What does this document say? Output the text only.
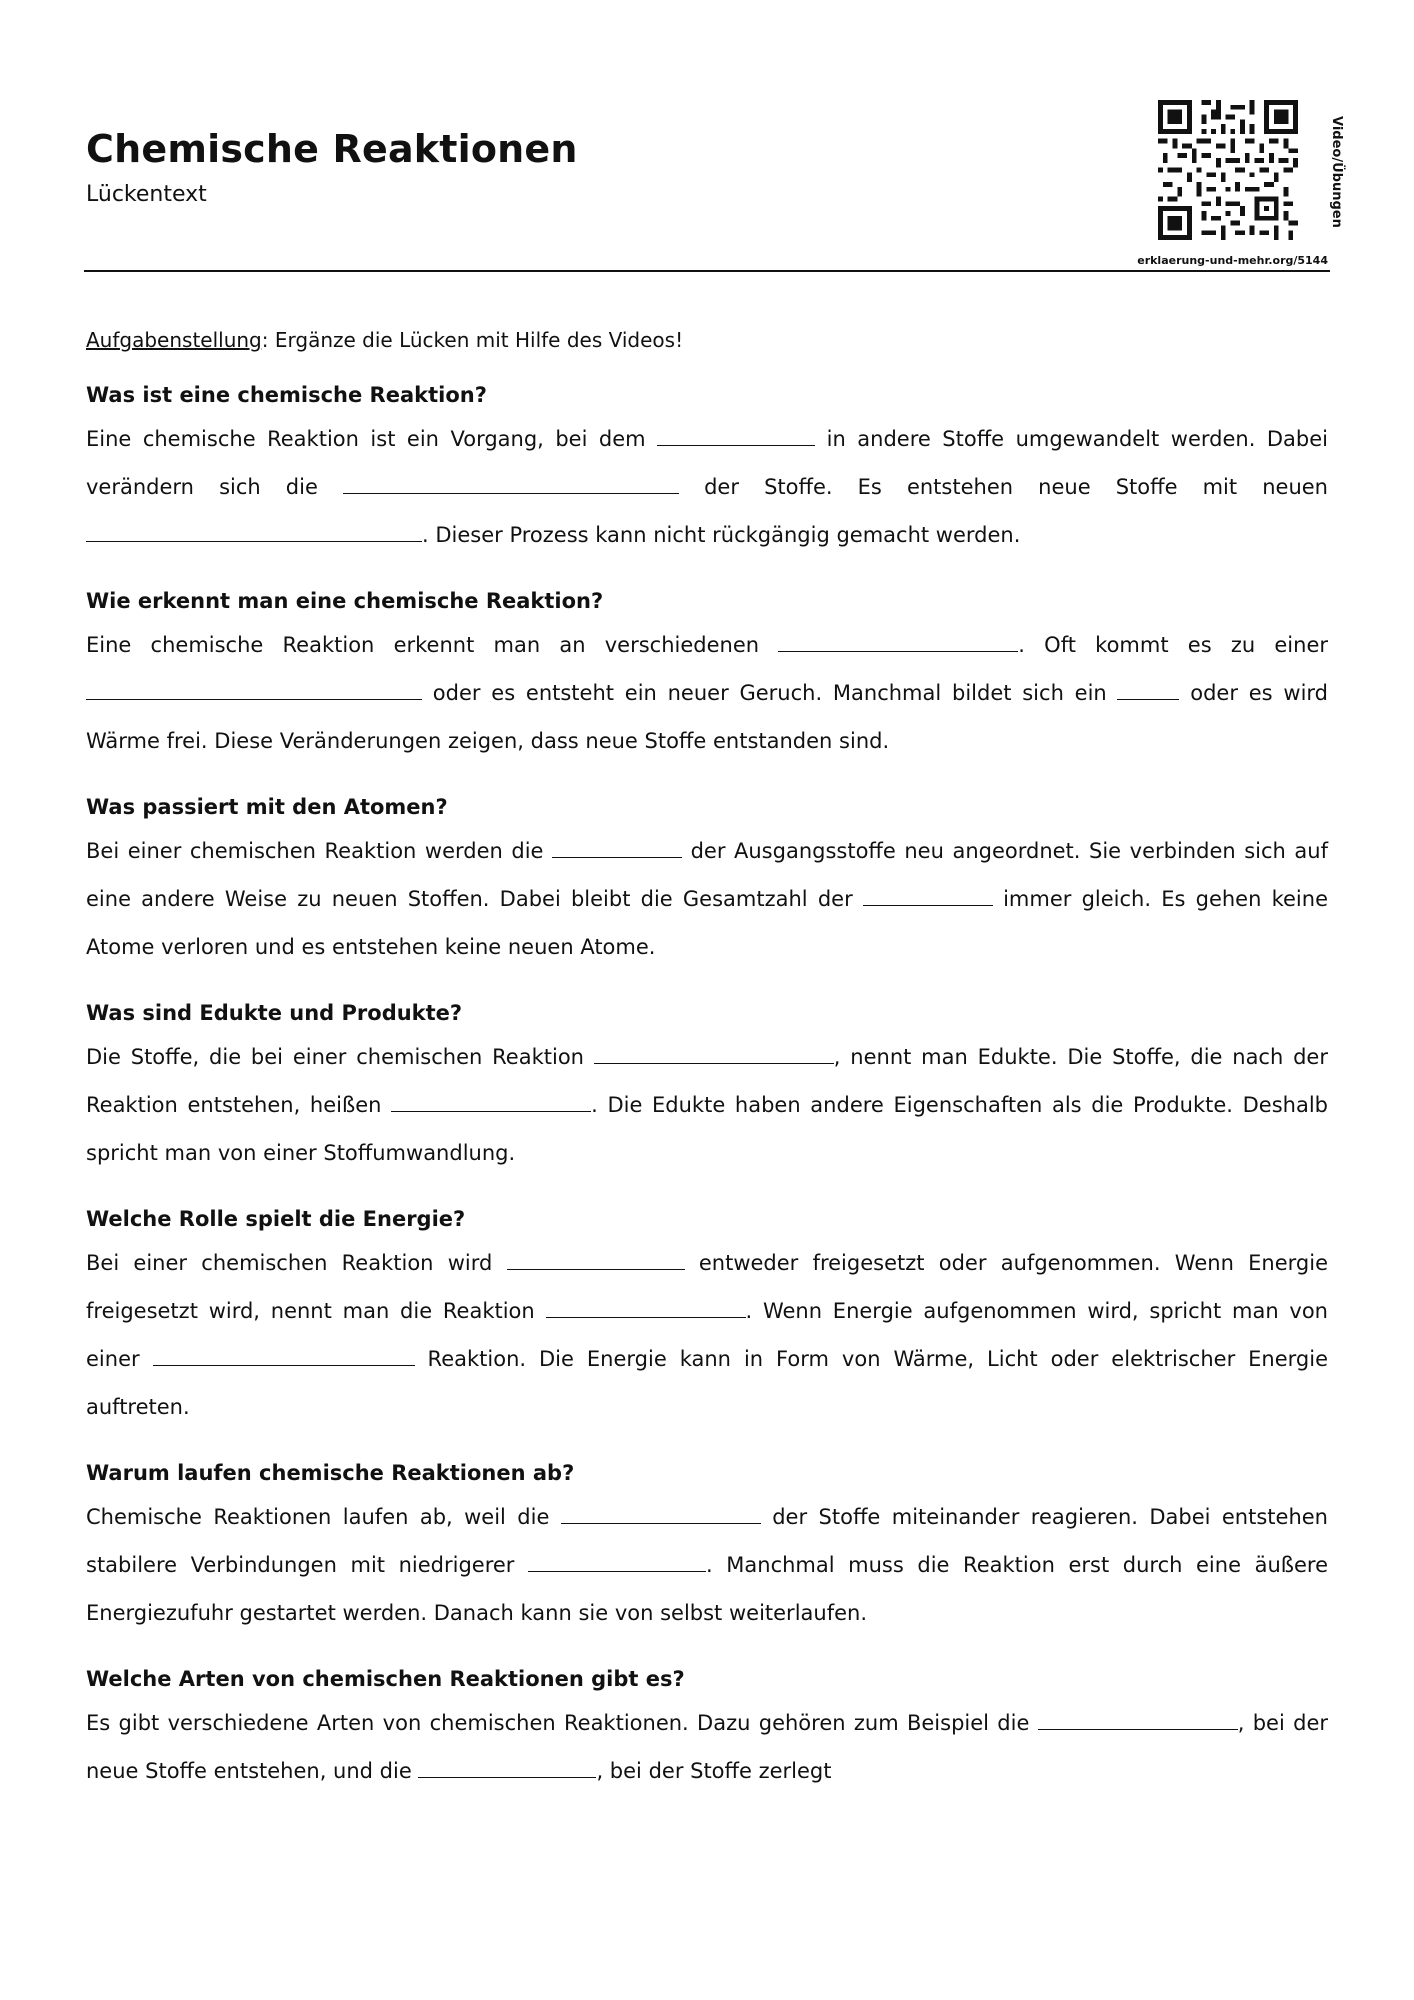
Chemische Reaktionen
Lückentext	Video/Übungen
erklaerung-und-mehr.org/5144

Aufgabenstellung: Ergänze die Lücken mit Hilfe des Videos!

Was ist eine chemische Reaktion?

Eine chemische Reaktion ist ein Vorgang, bei dem	in andere Stoffe umgewandelt werden. Dabei verändern sich die	der Stoffe. Es entstehen neue Stoffe mit neuen . Dieser Prozess kann nicht rückgängig gemacht werden.

Wie erkennt man eine chemische Reaktion?

Eine chemische Reaktion erkennt man an verschiedenen	. Oft kommt es zu einer  oder es entsteht ein neuer Geruch. Manchmal bildet sich ein	oder es wird Wärme frei. Diese Veränderungen zeigen, dass neue Stoffe entstanden sind.

Was passiert mit den Atomen?

Bei einer chemischen Reaktion werden die	der Ausgangsstoffe neu angeordnet. Sie verbinden sich auf eine andere Weise zu neuen Stoffen. Dabei bleibt die Gesamtzahl der	immer gleich. Es gehen keine Atome verloren und es entstehen keine neuen Atome.

Was sind Edukte und Produkte?

Die Stoffe, die bei einer chemischen Reaktion	, nennt man Edukte. Die Stoffe, die nach der Reaktion entstehen, heißen	. Die Edukte haben andere Eigenschaften als die Produkte. Deshalb spricht man von einer Stoffumwandlung.

Welche Rolle spielt die Energie?

Bei einer chemischen Reaktion wird	entweder freigesetzt oder aufgenommen. Wenn Energie freigesetzt wird, nennt man die Reaktion	. Wenn Energie aufgenommen wird, spricht man von einer	Reaktion. Die Energie kann in Form von Wärme, Licht oder elektrischer Energie auftreten.

Warum laufen chemische Reaktionen ab?

Chemische Reaktionen laufen ab, weil die	der Stoffe miteinander reagieren. Dabei entstehen stabilere Verbindungen mit niedrigerer	. Manchmal muss die Reaktion erst durch eine äußere Energiezufuhr gestartet werden. Danach kann sie von selbst weiterlaufen.

Welche Arten von chemischen Reaktionen gibt es?

Es gibt verschiedene Arten von chemischen Reaktionen. Dazu gehören zum Beispiel die	, bei der neue Stoffe entstehen, und die	, bei der Stoffe zerlegt
